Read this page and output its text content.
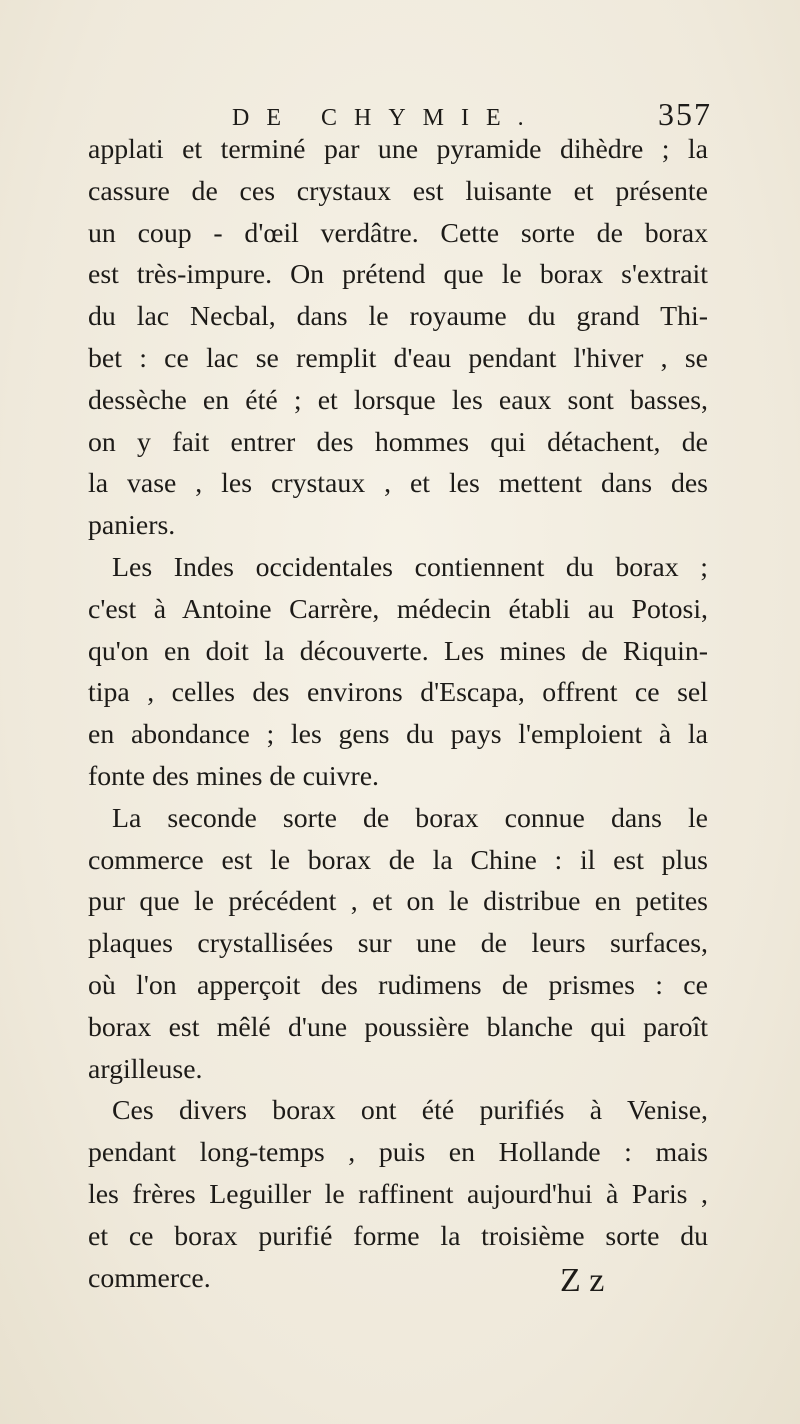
DE CHYMIE.	357
applati et terminé par une pyramide dihèdre ; la
cassure de ces crystaux est luisante et présente
un coup - d'œil verdâtre. Cette sorte de borax
est très-impure. On prétend que le borax s'extrait
du lac Necbal, dans le royaume du grand Thi-
bet : ce lac se remplit d'eau pendant l'hiver , se
dessèche en été ; et lorsque les eaux sont basses,
on y fait entrer des hommes qui détachent, de
la vase , les crystaux , et les mettent dans des
paniers.
Les Indes occidentales contiennent du borax ;
c'est à Antoine Carrère, médecin établi au Potosi,
qu'on en doit la découverte. Les mines de Riquin-
tipa , celles des environs d'Escapa, offrent ce sel
en abondance ; les gens du pays l'emploient à la
fonte des mines de cuivre.
La seconde sorte de borax connue dans le
commerce est le borax de la Chine : il est plus
pur que le précédent , et on le distribue en petites
plaques crystallisées sur une de leurs surfaces,
où l'on apperçoit des rudimens de prismes : ce
borax est mêlé d'une poussière blanche qui paroît
argilleuse.
Ces divers borax ont été purifiés à Venise,
pendant long-temps , puis en Hollande : mais
les frères Leguiller le raffinent aujourd'hui à Paris ,
et ce borax purifié forme la troisième sorte du
commerce.	Z z
